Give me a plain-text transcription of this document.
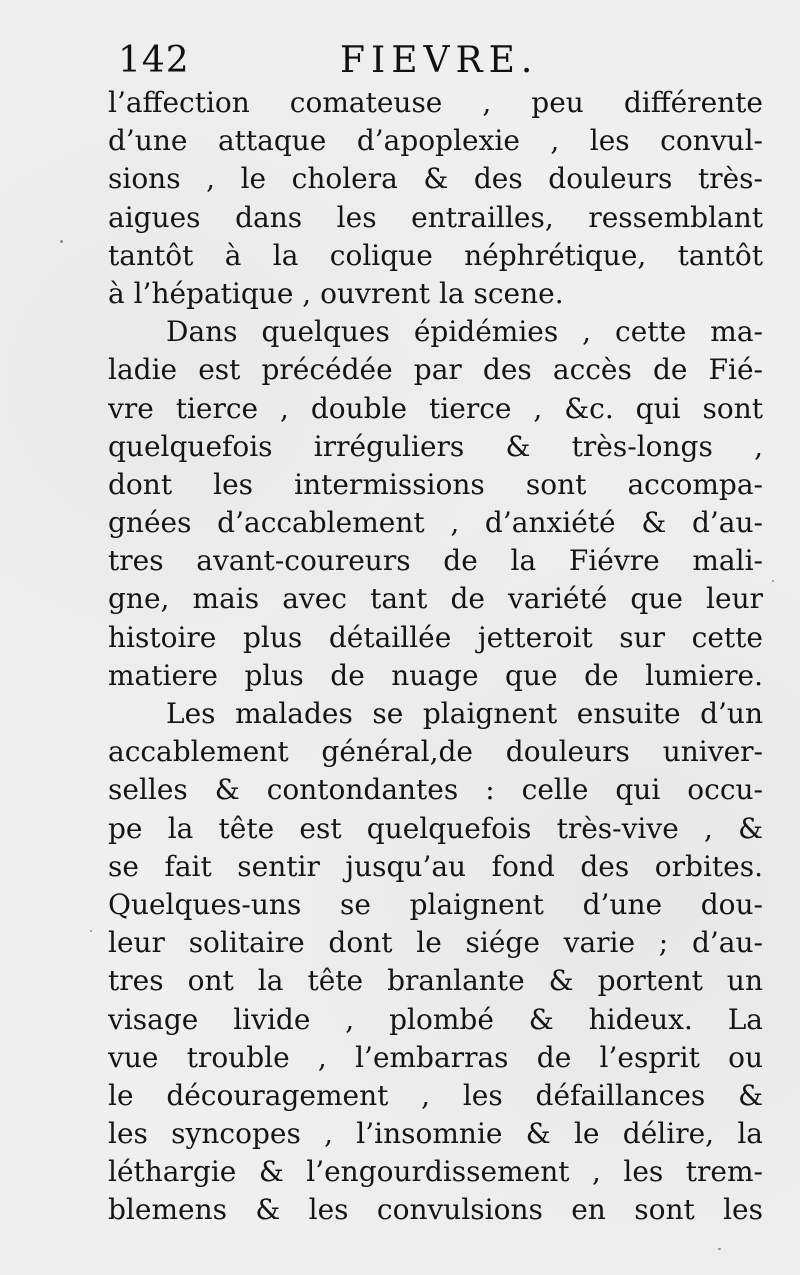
142	FIEVRE.
l’affection comateuse , peu différente
d’une attaque d’apoplexie , les convul-
sions , le cholera & des douleurs très-
aigues dans les entrailles, ressemblant
tantôt à la colique néphrétique, tantôt
à l’hépatique , ouvrent la scene.
Dans quelques épidémies , cette ma-
ladie est précédée par des accès de Fié-
vre tierce , double tierce , &c. qui sont
quelquefois irréguliers & très-longs ,
dont les intermissions sont accompa-
gnées d’accablement , d’anxiété & d’au-
tres avant-coureurs de la Fiévre mali-
gne, mais avec tant de variété que leur
histoire plus détaillée jetteroit sur cette
matiere plus de nuage que de lumiere.
Les malades se plaignent ensuite d’un
accablement général,de douleurs univer-
selles & contondantes : celle qui occu-
pe la tête est quelquefois très-vive , &
se fait sentir jusqu’au fond des orbites.
Quelques-uns se plaignent d’une dou-
leur solitaire dont le siége varie ; d’au-
tres ont la tête branlante & portent un
visage livide , plombé & hideux. La
vue trouble , l’embarras de l’esprit ou
le découragement , les défaillances &
les syncopes , l’insomnie & le délire, la
léthargie & l’engourdissement , les trem-
blemens & les convulsions en sont les
